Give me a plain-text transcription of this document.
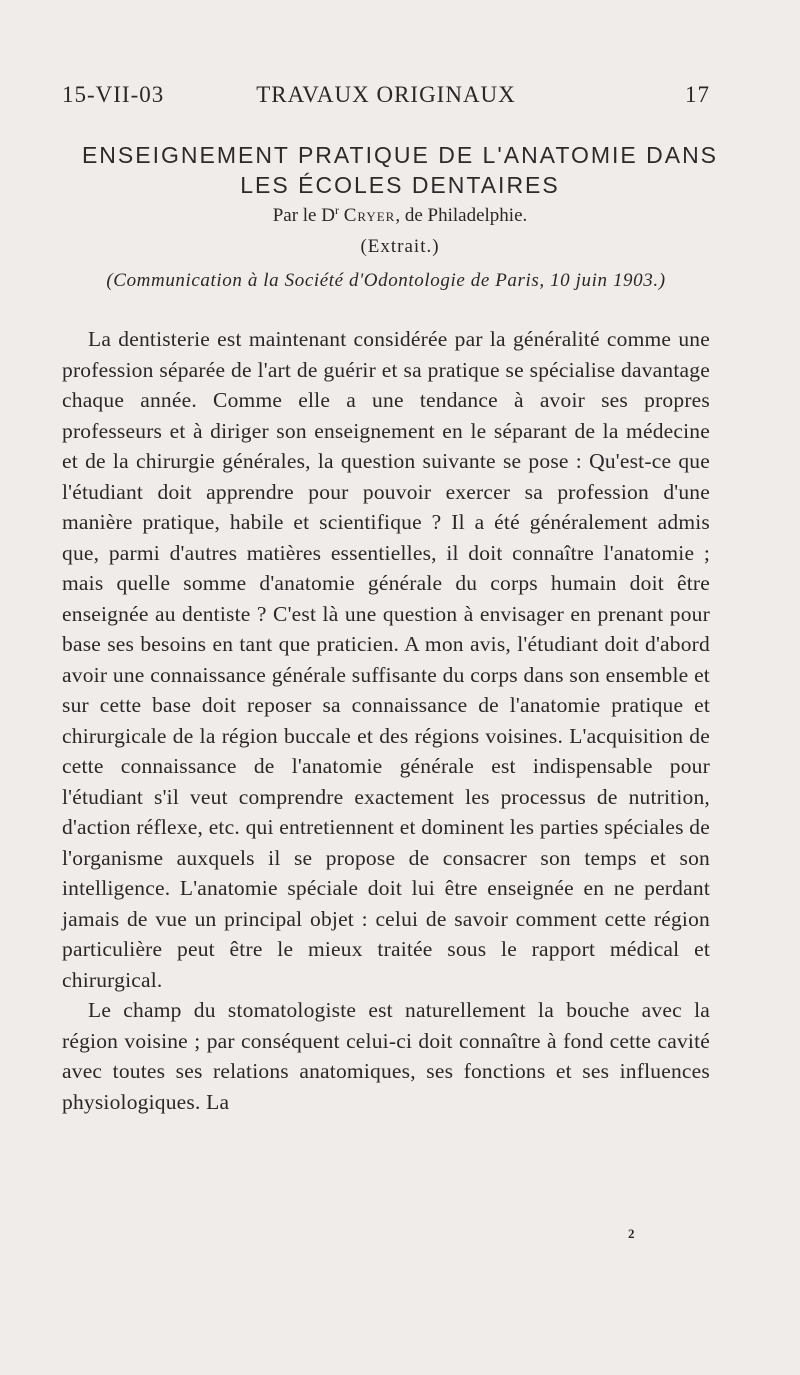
15-VII-03	TRAVAUX ORIGINAUX	17
ENSEIGNEMENT PRATIQUE DE L'ANATOMIE DANS
LES ÉCOLES DENTAIRES
Par le $D^r$ Cryer, de Philadelphie.
(Extrait.)
(Communication à la Société d'Odontologie de Paris, 10 juin 1903.)

La dentisterie est maintenant considérée par la généralité comme une profession séparée de l'art de guérir et sa pratique se spécialise davantage chaque année. Comme elle a une tendance à avoir ses propres professeurs et à diriger son enseignement en le séparant de la médecine et de la chirurgie générales, la question suivante se pose : Qu'est-ce que l'étudiant doit apprendre pour pouvoir exercer sa profession d'une manière pratique, habile et scientifique ? Il a été généralement admis que, parmi d'autres matières essentielles, il doit connaître l'anatomie ; mais quelle somme d'anatomie générale du corps humain doit être enseignée au dentiste ? C'est là une question à envisager en prenant pour base ses besoins en tant que praticien. A mon avis, l'étudiant doit d'abord avoir une connaissance générale suffisante du corps dans son ensemble et sur cette base doit reposer sa connaissance de l'anatomie pratique et chirurgicale de la région buccale et des régions voisines. L'acquisition de cette connaissance de l'anatomie générale est indispensable pour l'étudiant s'il veut comprendre exactement les processus de nutrition, d'action réflexe, etc. qui entretiennent et dominent les parties spéciales de l'organisme auxquels il se propose de consacrer son temps et son intelligence. L'anatomie spéciale doit lui être enseignée en ne perdant jamais de vue un principal objet : celui de savoir comment cette région particulière peut être le mieux traitée sous le rapport médical et chirurgical.

Le champ du stomatologiste est naturellement la bouche avec la région voisine ; par conséquent celui-ci doit connaître à fond cette cavité avec toutes ses relations anatomiques, ses fonctions et ses influences physiologiques. La

2
